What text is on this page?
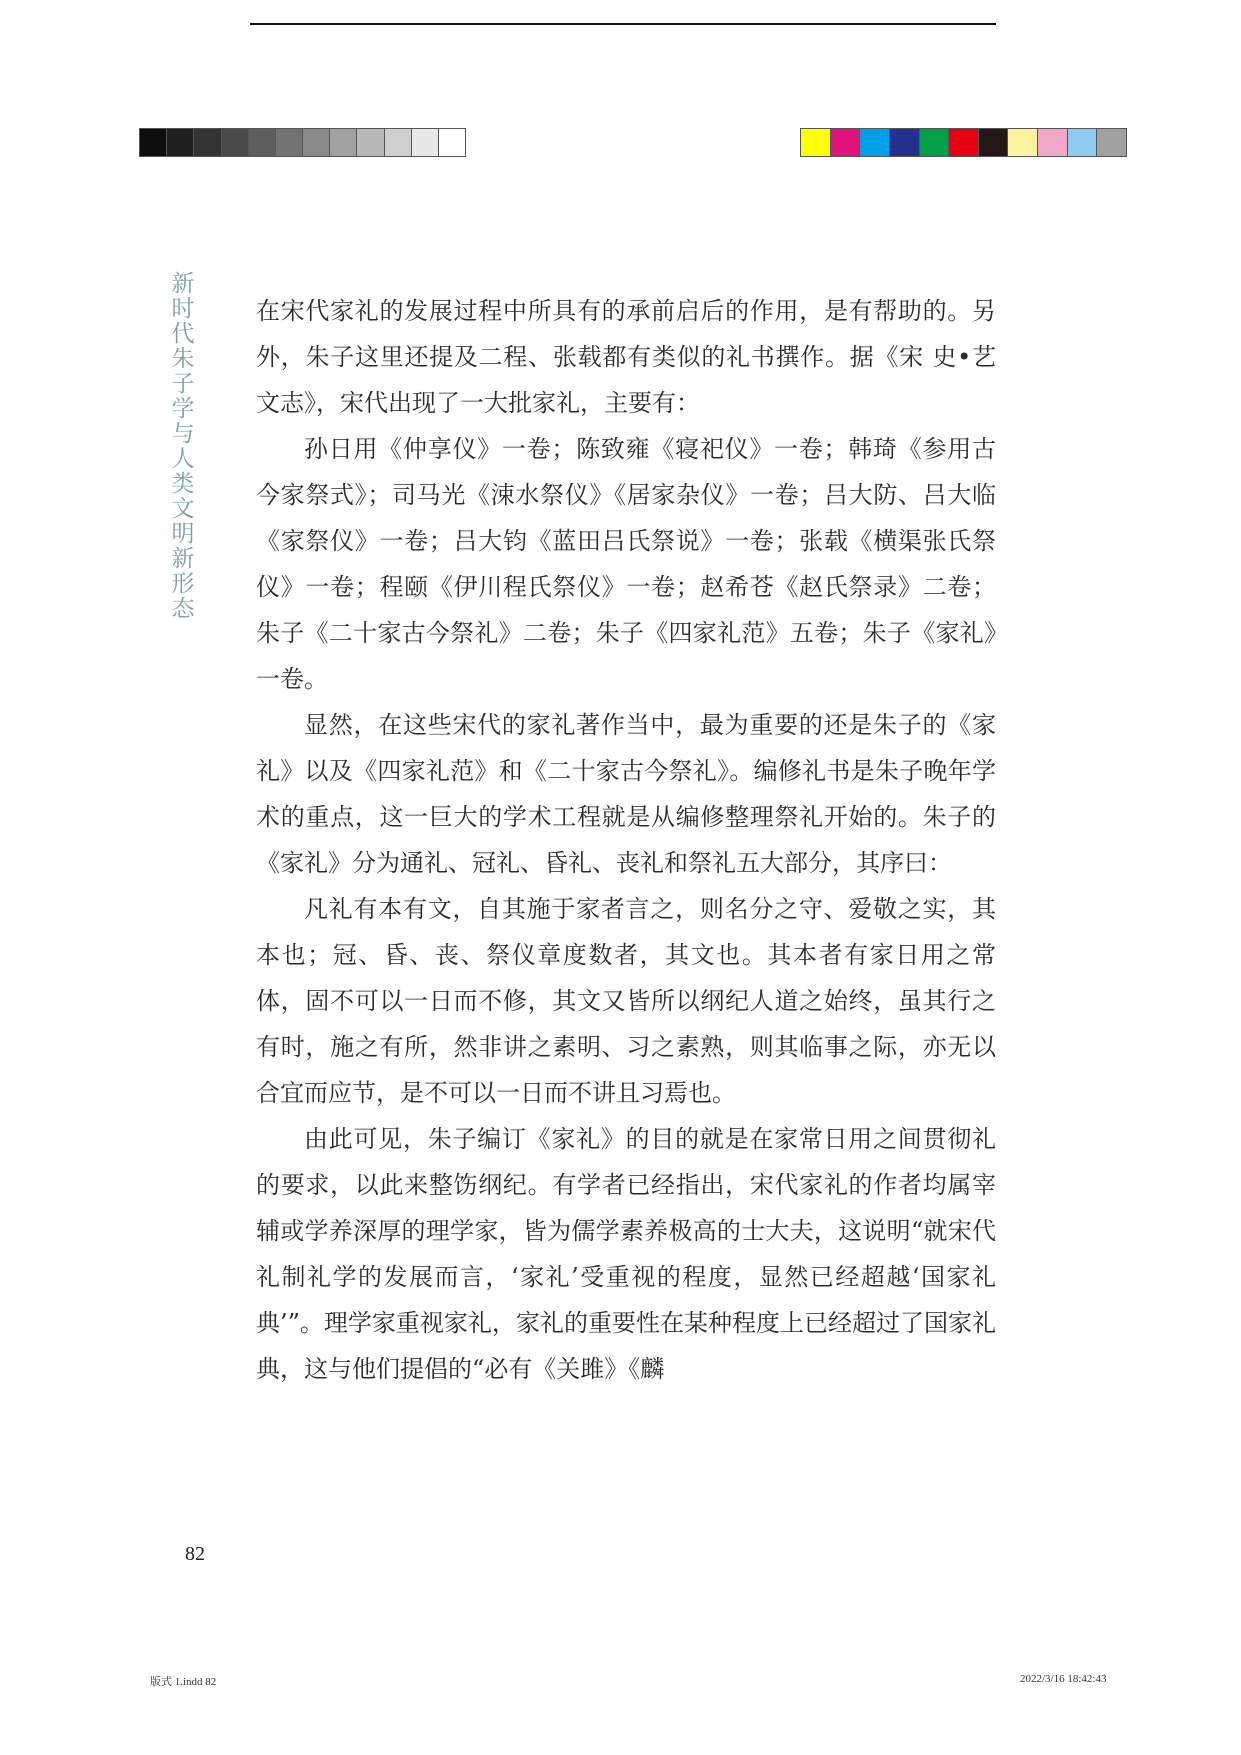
新时代朱子学与人类文明新形态

在宋代家礼的发展过程中所具有的承前启后的作用，是有帮助的。另外，朱子这里还提及二程、张载都有类似的礼书撰作。据《宋 史•艺文志》，宋代出现了一大批家礼，主要有：

孙日用《仲享仪》一卷；陈致雍《寝祀仪》一卷；韩琦《参用古今家祭式》；司马光《涑水祭仪》《居家杂仪》一卷；吕大防、吕大临《家祭仪》一卷；吕大钧《蓝田吕氏祭说》一卷；张载《横渠张氏祭仪》一卷；程颐《伊川程氏祭仪》一卷；赵希苍《赵氏祭录》二卷；朱子《二十家古今祭礼》二卷；朱子《四家礼范》五卷；朱子《家礼》一卷。

显然，在这些宋代的家礼著作当中，最为重要的还是朱子的《家礼》以及《四家礼范》和《二十家古今祭礼》。编修礼书是朱子晚年学术的重点，这一巨大的学术工程就是从编修整理祭礼开始的。朱子的《家礼》分为通礼、冠礼、昏礼、丧礼和祭礼五大部分，其序曰：

凡礼有本有文，自其施于家者言之，则名分之守、爱敬之实，其本也；冠、昏、丧、祭仪章度数者，其文也。其本者有家日用之常体，固不可以一日而不修，其文又皆所以纲纪人道之始终，虽其行之有时，施之有所，然非讲之素明、习之素熟，则其临事之际，亦无以合宜而应节，是不可以一日而不讲且习焉也。

由此可见，朱子编订《家礼》的目的就是在家常日用之间贯彻礼的要求，以此来整饬纲纪。有学者已经指出，宋代家礼的作者均属宰辅或学养深厚的理学家，皆为儒学素养极高的士大夫，这说明“就宋代礼制礼学的发展而言，‘家礼’受重视的程度，显然已经超越‘国家礼典’”。理学家重视家礼，家礼的重要性在某种程度上已经超过了国家礼典，这与他们提倡的“必有《关雎》《麟

82
版式 1.indd 82	2022/3/16 18:42:43
